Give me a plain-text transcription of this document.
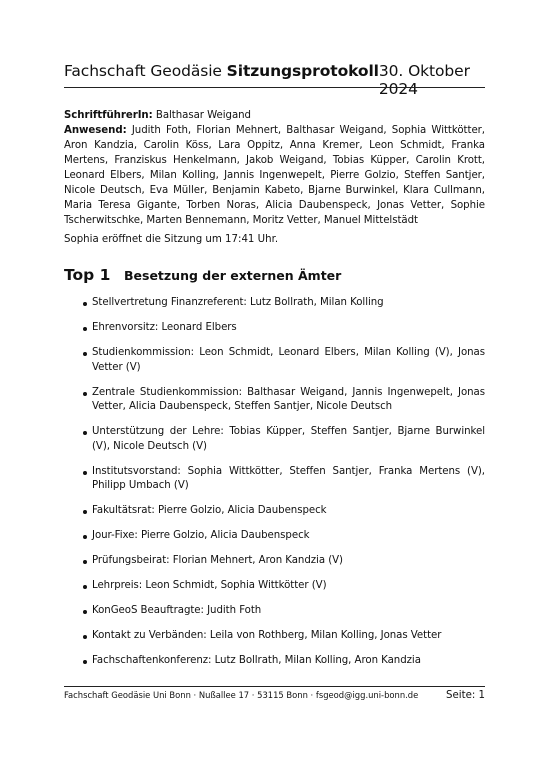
Fachschaft Geodäsie Sitzungsprotokoll 30. Oktober 2024
SchriftführerIn: Balthasar Weigand
Anwesend: Judith Foth, Florian Mehnert, Balthasar Weigand, Sophia Wittkötter, Aron Kandzia, Carolin Köss, Lara Oppitz, Anna Kremer, Leon Schmidt, Franka Mertens, Franziskus Henkelmann, Jakob Weigand, Tobias Küpper, Carolin Krott, Leonard Elbers, Milan Kolling, Jannis Ingenwepelt, Pierre Golzio, Steffen Santjer, Nicole Deutsch, Eva Müller, Benjamin Kabeto, Bjarne Burwinkel, Klara Cullmann, Maria Teresa Gigante, Torben Noras, Alicia Daubenspeck, Jonas Vetter, Sophie Tscherwitschke, Marten Bennemann, Moritz Vetter, Manuel Mittelstädt
Sophia eröffnet die Sitzung um 17:41 Uhr.
Top 1	Besetzung der externen Ämter
Stellvertretung Finanzreferent: Lutz Bollrath, Milan Kolling
Ehrenvorsitz: Leonard Elbers
Studienkommission: Leon Schmidt, Leonard Elbers, Milan Kolling (V), Jonas Vetter (V)
Zentrale Studienkommission: Balthasar Weigand, Jannis Ingenwepelt, Jonas Vetter, Alicia Daubenspeck, Steffen Santjer, Nicole Deutsch
Unterstützung der Lehre: Tobias Küpper, Steffen Santjer, Bjarne Burwinkel (V), Nicole Deutsch (V)
Institutsvorstand: Sophia Wittkötter, Steffen Santjer, Franka Mertens (V), Philipp Umbach (V)
Fakultätsrat: Pierre Golzio, Alicia Daubenspeck
Jour-Fixe: Pierre Golzio, Alicia Daubenspeck
Prüfungsbeirat: Florian Mehnert, Aron Kandzia (V)
Lehrpreis: Leon Schmidt, Sophia Wittkötter (V)
KonGeoS Beauftragte: Judith Foth
Kontakt zu Verbänden: Leila von Rothberg, Milan Kolling, Jonas Vetter
Fachschaftenkonferenz: Lutz Bollrath, Milan Kolling, Aron Kandzia
Fachschaft Geodäsie Uni Bonn · Nußallee 17 · 53115 Bonn · fsgeod@igg.uni-bonn.de	Seite: 1
